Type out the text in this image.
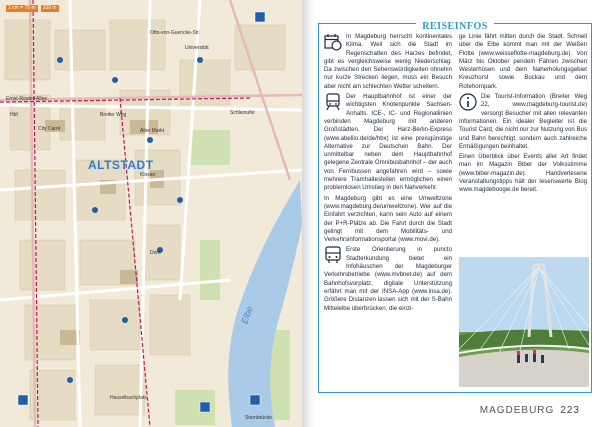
1 cm = 75 m	100 m
Ernst-Reuter-Allee
Otto-von-Guericke-Str.
Breiter Weg
City Carré
Hbf
Alter Markt
Dom
Kloster
Hasselbachplatz
Sternbrücke
Schleinufer
Universität
ALTSTADT
Elbe
REISEINFOS

In Magdeburg herrscht kontinentales Klima. Weil sich die Stadt im Regenschatten des Harzes befindet, gibt es vergleichsweise wenig Niederschlag. Da zwischen den Sehenswürdigkeiten ohnehin nur kurze Strecken liegen, muss ein Besuch aber nicht am schlechten Wetter scheitern.

Der Hauptbahnhof ist einer der wichtigsten Knotenpunkte Sachsen-Anhalts. ICE-, IC- und Regionallinien verbinden Magdeburg mit anderen Großstädten. Der Harz-Berlin-Express (www.abellio.de/de/hbx) ist eine preisgünstige Alternative zur Deutschen Bahn. Der unmittelbar neben dem Hauptbahnhof gelegene Zentrale Omnibusbahnhof – der auch von Fernbussen angefahren wird – sowie mehrere Tramhaltestellen ermöglichen einen problemlosen Umstieg in den Nahverkehr.

In Magdeburg gibt es eine Umweltzone (www.magdeburg.de/umweltzone). Wer auf die Einfahrt verzichten, kann sein Auto auf einem der P+R-Plätze ab. Die Fahrt durch die Stadt gelingt mit dem Mobilitäts- und Verkehrsinformationsportal (www.movi.de).

Erste Orientierung in puncto Stadterkundung bietet ein Infohäuschen der Magdeburger Verkehrsbetriebe (www.mvbnet.de) auf dem Bahnhofsvorplatz, digitale Unterstützung erfährt man mit der INSA-App (www.insa.de). Größere Distanzen lassen sich mit der S-Bahn Mittelelbe überbrücken, die einzi-

ge Linie fährt mitten durch die Stadt. Schnell über die Elbe kommt man mit der Weißen Flotte (www.weisseflotte-magdeburg.de). Von März bis Oktober pendeln Fähren zwischen Westerhüsen und dem Naherholungsgebiet Kreuzhorst sowie Buckau und dem Rotehornpark.

Die Tourist-Information (Breiter Weg 22, www.magdeburg-tourist.de) versorgt Besucher mit allen relevanten Informationen. Ein idealer Begleiter ist die Tourist Card, die nicht nur zur Nutzung von Bus und Bahn berechtigt, sondern auch zahlreiche Ermäßigungen beinhaltet.

Einen Überblick über Events aller Art findet man im Magazin Biber der Volksstimme (www.biber-magazin.de). Handverlesene Veranstaltungstipps hält der lesenswerte Blog www.magdeboogie.de bereit.

MAGDEBURG 223
